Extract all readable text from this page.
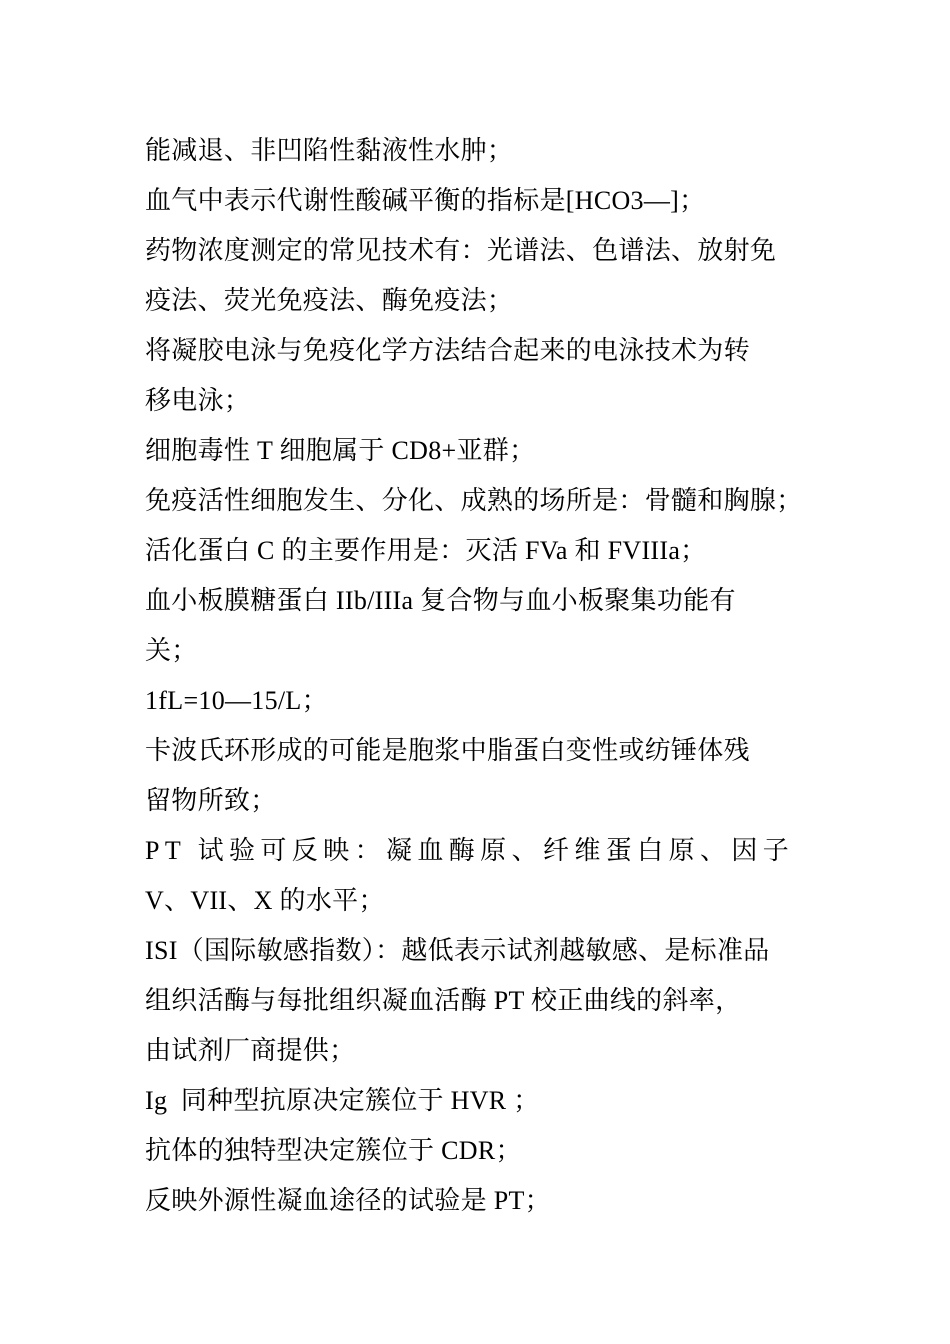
能减退、非凹陷性黏液性水肿；
血气中表示代谢性酸碱平衡的指标是[HCO3—]；
药物浓度测定的常见技术有：光谱法、色谱法、放射免
疫法、荧光免疫法、酶免疫法；
将凝胶电泳与免疫化学方法结合起来的电泳技术为转
移电泳；
细胞毒性 T 细胞属于 CD8+亚群；
免疫活性细胞发生、分化、成熟的场所是：骨髓和胸腺；
活化蛋白 C 的主要作用是：灭活 FVa 和 FVIIIa；
血小板膜糖蛋白 IIb/IIIa 复合物与血小板聚集功能有
关；
1fL=10—15/L；
卡波氏环形成的可能是胞浆中脂蛋白变性或纺锤体残
留物所致；
PT 试验可反映：凝血酶原、纤维蛋白原、因子
V、VII、X 的水平；
ISI（国际敏感指数）：越低表示试剂越敏感、是标准品
组织活酶与每批组织凝血活酶 PT 校正曲线的斜率，
由试剂厂商提供；
Ig  同种型抗原决定簇位于 HVR ；
抗体的独特型决定簇位于 CDR；
反映外源性凝血途径的试验是 PT；
